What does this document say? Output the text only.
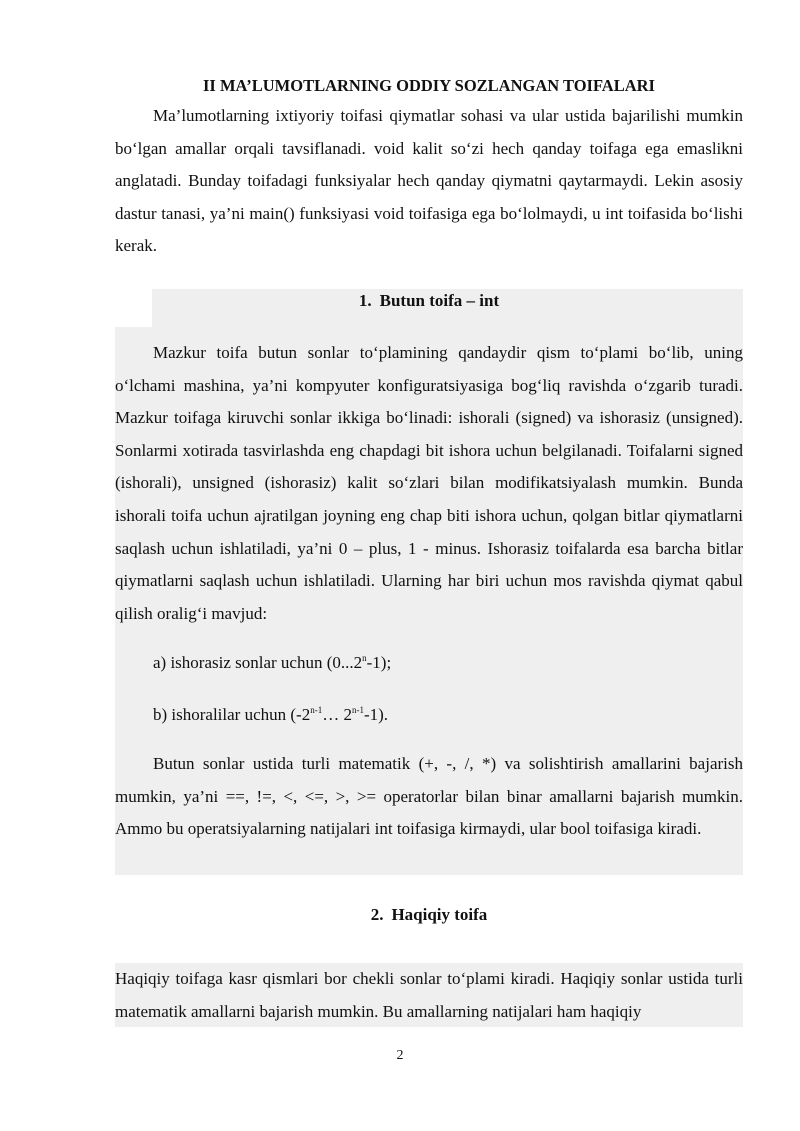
II MA’LUMOTLARNING ODDIY SOZLANGAN TOIFALARI

Ma’lumotlarning ixtiyoriy toifasi qiymatlar sohasi va ular ustida bajarilishi mumkin bo‘lgan amallar orqali tavsiflanadi. void kalit so‘zi hech qanday toifaga ega emaslikni anglatadi. Bunday toifadagi funksiyalar hech qanday qiymatni qaytarmaydi. Lekin asosiy dastur tanasi, ya’ni main() funksiyasi void toifasiga ega bo‘lolmaydi, u int toifasida bo‘lishi kerak.

1. Butun toifa – int

Mazkur toifa butun sonlar to‘plamining qandaydir qism to‘plami bo‘lib, uning o‘lchami mashina, ya’ni kompyuter konfiguratsiyasiga bog‘liq ravishda o‘zgarib turadi. Mazkur toifaga kiruvchi sonlar ikkiga bo‘linadi: ishorali (signed) va ishorasiz (unsigned). Sonlarmi xotirada tasvirlashda eng chapdagi bit ishora uchun belgilanadi. Toifalarni signed (ishorali), unsigned (ishorasiz) kalit so‘zlari bilan modifikatsiyalash mumkin. Bunda ishorali toifa uchun ajratilgan joyning eng chap biti ishora uchun, qolgan bitlar qiymatlarni saqlash uchun ishlatiladi, ya’ni 0 – plus, 1 - minus. Ishorasiz toifalarda esa barcha bitlar qiymatlarni saqlash uchun ishlatiladi. Ularning har biri uchun mos ravishda qiymat qabul qilish oralig‘i mavjud:

a) ishorasiz sonlar uchun (0...2$^n$-1);
b) ishoralilar uchun (-2$^{n-1}$… 2$^{n-1}$-1).

Butun sonlar ustida turli matematik (+, -, /, *) va solishtirish amallarini bajarish mumkin, ya’ni ==, !=, <, <=, >, >= operatorlar bilan binar amallarni bajarish mumkin. Ammo bu operatsiyalarning natijalari int toifasiga kirmaydi, ular bool toifasiga kiradi.

2. Haqiqiy toifa

Haqiqiy toifaga kasr qismlari bor chekli sonlar to‘plami kiradi. Haqiqiy sonlar ustida turli matematik amallarni bajarish mumkin. Bu amallarning natijalari ham haqiqiy

2
